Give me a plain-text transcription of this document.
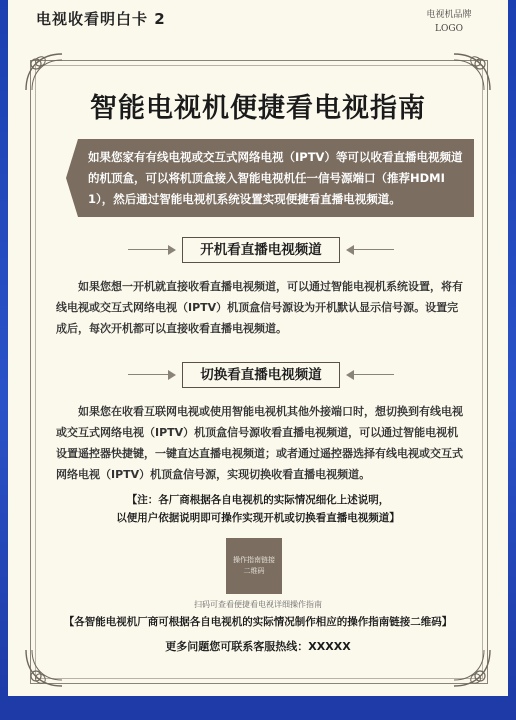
电视收看明白卡 2	电视机品牌
LOGO
智能电视机便捷看电视指南
如果您家有有线电视或交互式网络电视（IPTV）等可以收看直播电视频道的机顶盒，可以将机顶盒接入智能电视机任一信号源端口（推荐HDMI 1），然后通过智能电视机系统设置实现便捷看直播电视频道。
开机看直播电视频道
如果您想一开机就直接收看直播电视频道，可以通过智能电视机系统设置，将有线电视或交互式网络电视（IPTV）机顶盒信号源设为开机默认显示信号源。设置完成后，每次开机都可以直接收看直播电视频道。
切换看直播电视频道
如果您在收看互联网电视或使用智能电视机其他外接端口时，想切换到有线电视或交互式网络电视（IPTV）机顶盒信号源收看直播电视频道，可以通过智能电视机设置遥控器快捷键，一键直达直播电视频道；或者通过遥控器选择有线电视或交互式网络电视（IPTV）机顶盒信号源，实现切换收看直播电视频道。
【注：各厂商根据各自电视机的实际情况细化上述说明，
以便用户依据说明即可操作实现开机或切换看直播电视频道】
操作指南链接
二维码
扫码可查看便捷看电视详细操作指南
【各智能电视机厂商可根据各自电视机的实际情况制作相应的操作指南链接二维码】
更多问题您可联系客服热线：XXXXX
